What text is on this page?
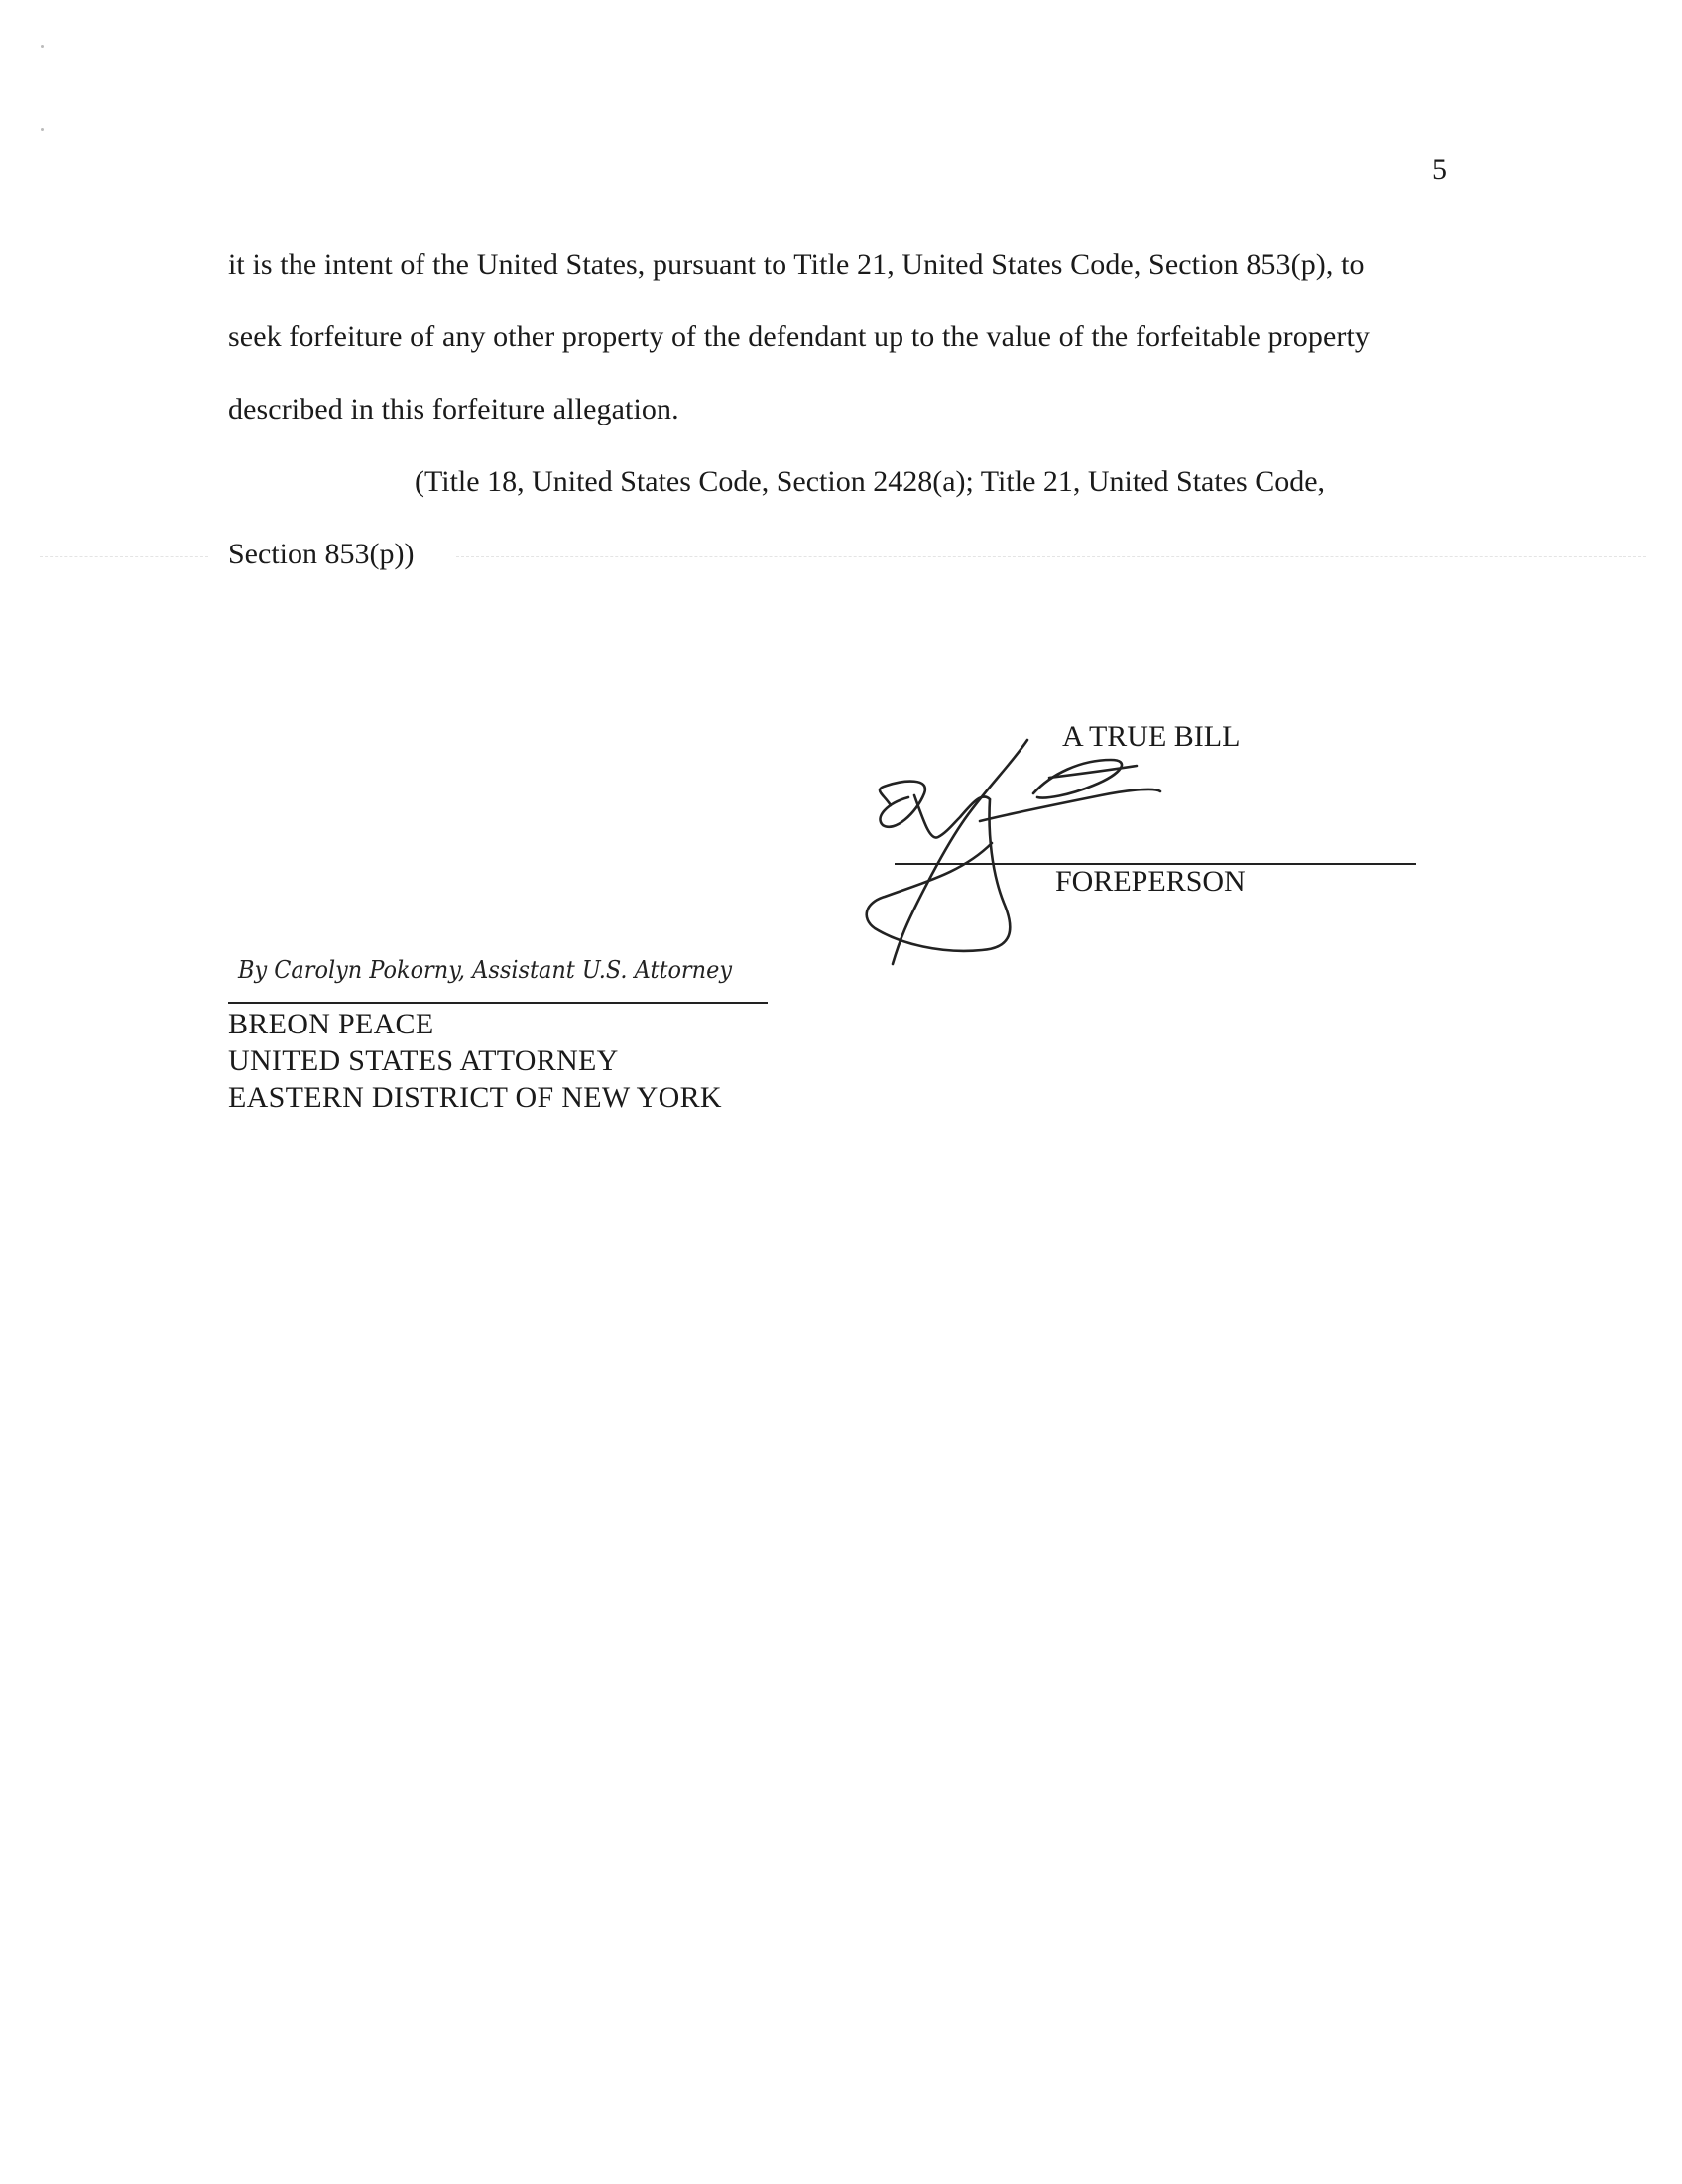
5
it is the intent of the United States, pursuant to Title 21, United States Code, Section 853(p), to
seek forfeiture of any other property of the defendant up to the value of the forfeitable property
described in this forfeiture allegation.
(Title 18, United States Code, Section 2428(a); Title 21, United States Code,
Section 853(p))
A TRUE BILL
FOREPERSON
By Carolyn Pokorny, Assistant U.S. Attorney
BREON PEACE
UNITED STATES ATTORNEY
EASTERN DISTRICT OF NEW YORK
